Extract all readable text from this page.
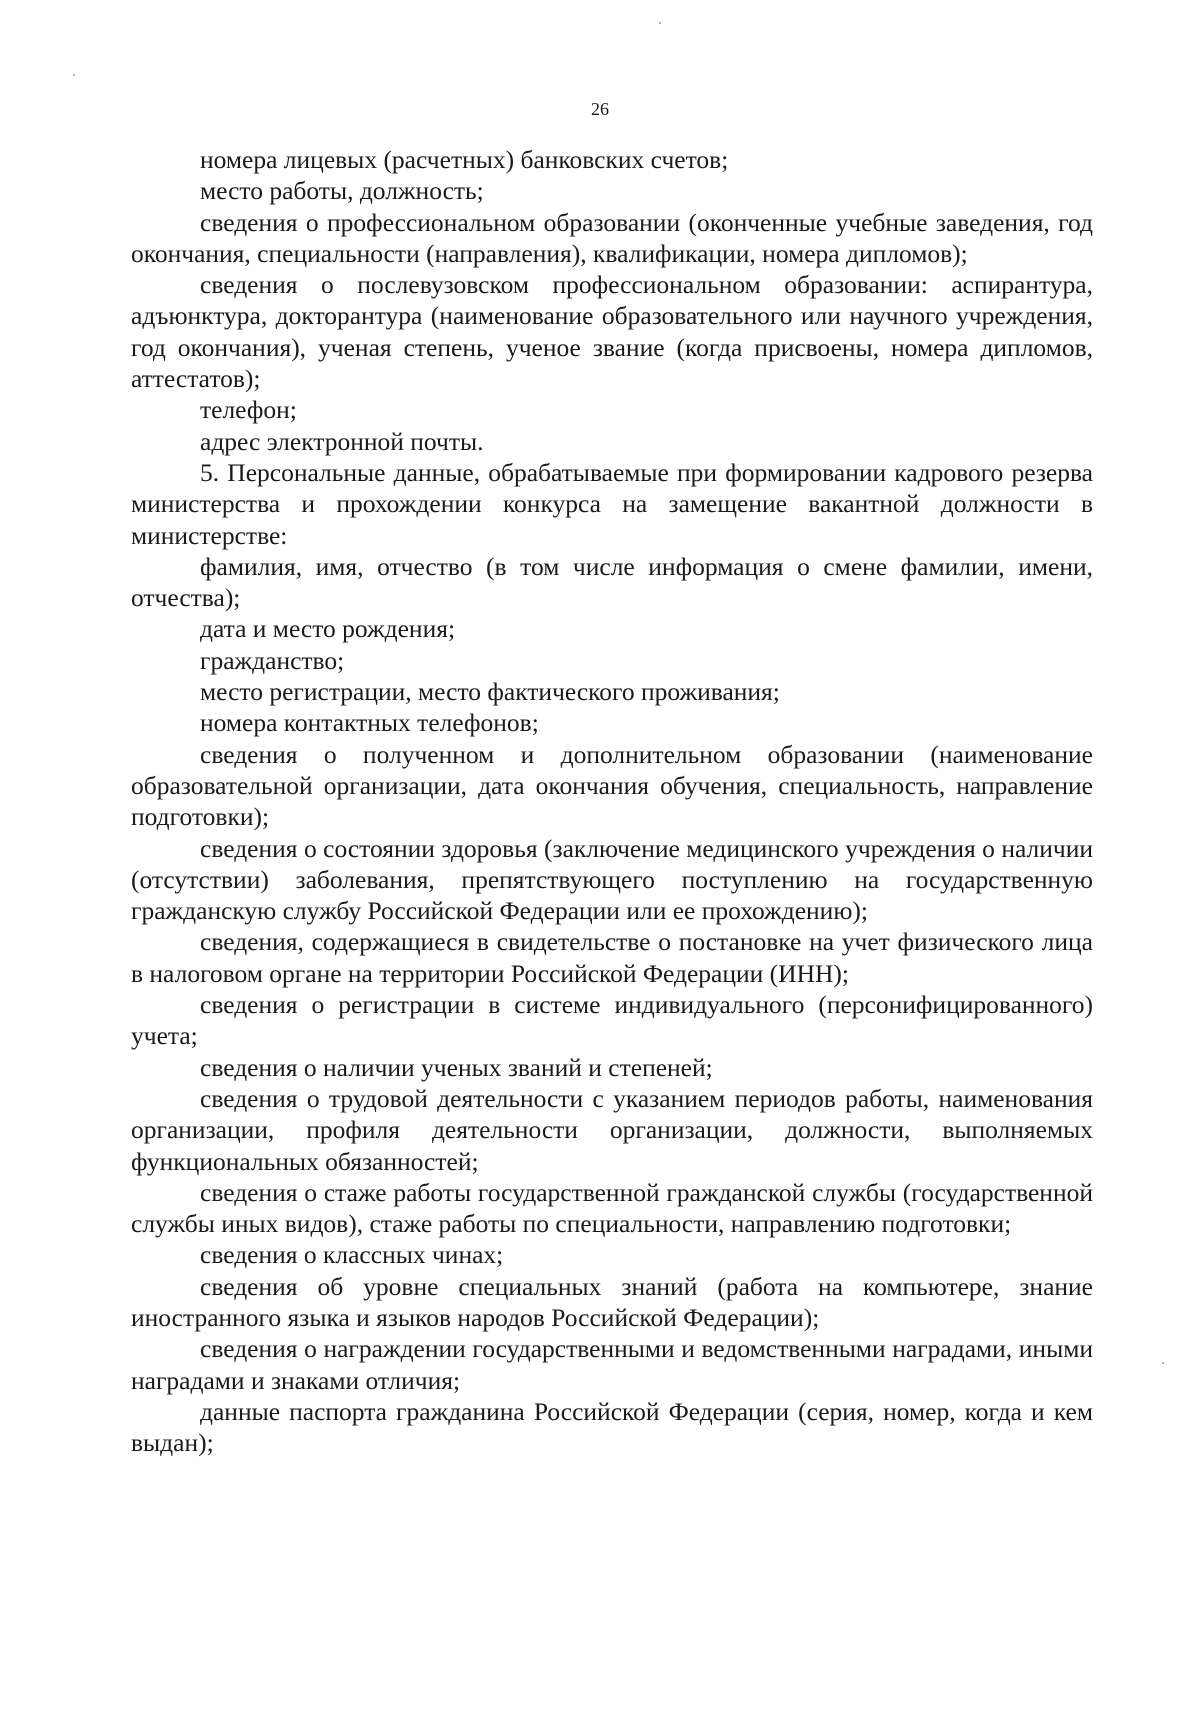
26

номера лицевых (расчетных) банковских счетов;

место работы, должность;

сведения о профессиональном образовании (оконченные учебные заведения, год окончания, специальности (направления), квалификации, номера дипломов);

сведения о послевузовском профессиональном образовании: аспирантура, адъюнктура, докторантура (наименование образовательного или научного учреждения, год окончания), ученая степень, ученое звание (когда присвоены, номера дипломов, аттестатов);

телефон;

адрес электронной почты.

5. Персональные данные, обрабатываемые при формировании кадрового резерва министерства и прохождении конкурса на замещение вакантной должности в министерстве:

фамилия, имя, отчество (в том числе информация о смене фамилии, имени, отчества);

дата и место рождения;

гражданство;

место регистрации, место фактического проживания;

номера контактных телефонов;

сведения о полученном и дополнительном образовании (наименование образовательной организации, дата окончания обучения, специальность, направление подготовки);

сведения о состоянии здоровья (заключение медицинского учреждения о наличии (отсутствии) заболевания, препятствующего поступлению на государственную гражданскую службу Российской Федерации или ее прохождению);

сведения, содержащиеся в свидетельстве о постановке на учет физического лица в налоговом органе на территории Российской Федерации (ИНН);

сведения о регистрации в системе индивидуального (персонифицированного) учета;

сведения о наличии ученых званий и степеней;

сведения о трудовой деятельности с указанием периодов работы, наименования организации, профиля деятельности организации, должности, выполняемых функциональных обязанностей;

сведения о стаже работы государственной гражданской службы (государственной службы иных видов), стаже работы по специальности, направлению подготовки;

сведения о классных чинах;

сведения об уровне специальных знаний (работа на компьютере, знание иностранного языка и языков народов Российской Федерации);

сведения о награждении государственными и ведомственными наградами, иными наградами и знаками отличия;

данные паспорта гражданина Российской Федерации (серия, номер, когда и кем выдан);
